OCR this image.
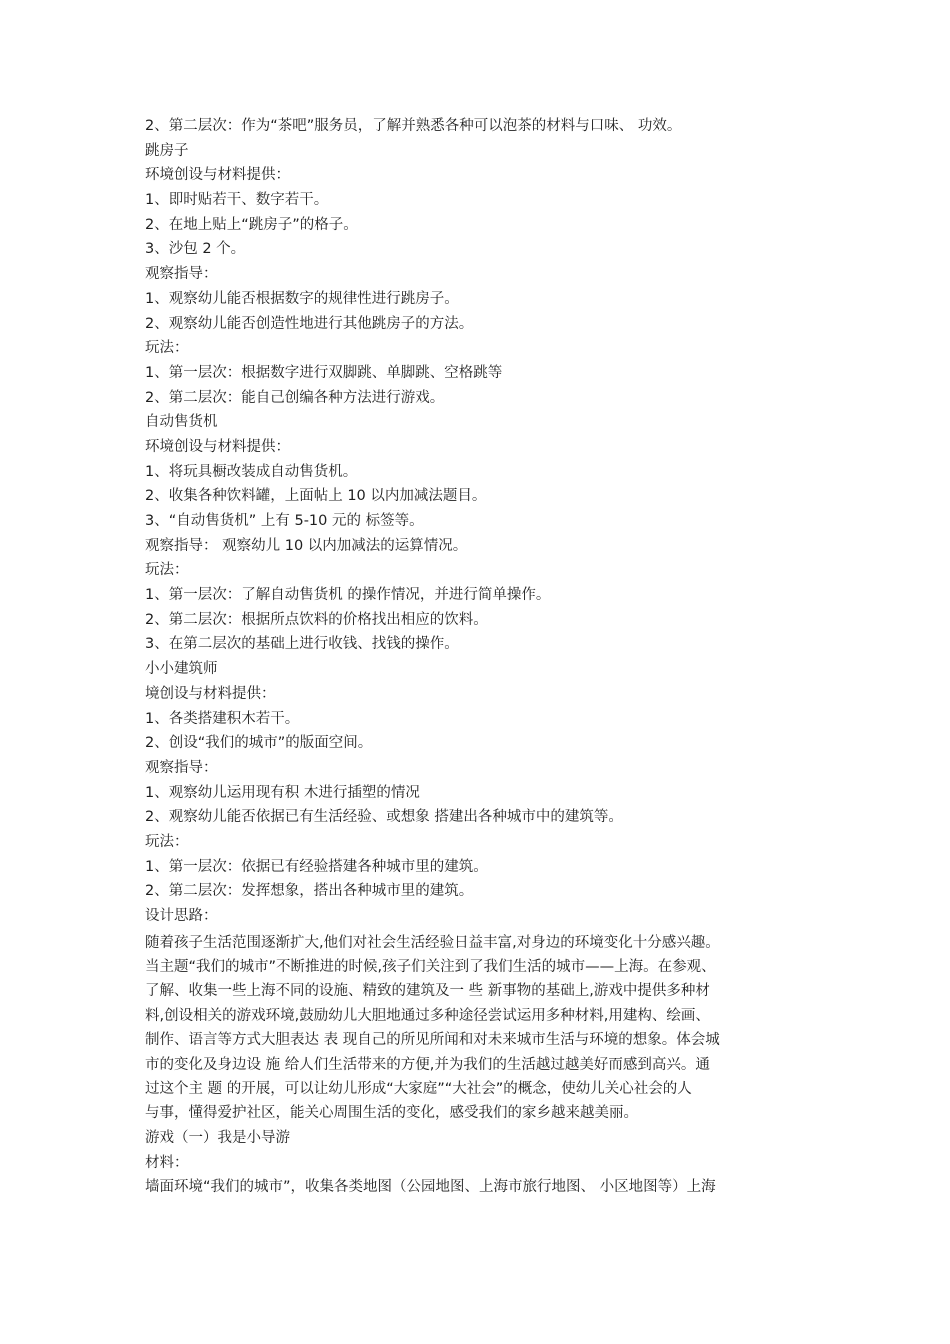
2、第二层次：作为“茶吧”服务员，了解并熟悉各种可以泡茶的材料与口味、 功效。
跳房子
环境创设与材料提供：
1、即时贴若干、数字若干。
2、在地上贴上“跳房子”的格子。
3、沙包 2 个。
观察指导：
1、观察幼儿能否根据数字的规律性进行跳房子。
2、观察幼儿能否创造性地进行其他跳房子的方法。
玩法：
1、第一层次：根据数字进行双脚跳、单脚跳、空格跳等
2、第二层次：能自己创编各种方法进行游戏。
自动售货机
环境创设与材料提供：
1、将玩具橱改装成自动售货机。
2、收集各种饮料罐，上面帖上 10 以内加减法题目。
3、“自动售货机” 上有 5-10 元的 标签等。
观察指导： 观察幼儿 10 以内加减法的运算情况。
玩法：
1、第一层次：了解自动售货机 的操作情况，并进行简单操作。
2、第二层次：根据所点饮料的价格找出相应的饮料。
3、在第二层次的基础上进行收钱、找钱的操作。
小小建筑师
境创设与材料提供：
1、各类搭建积木若干。
2、创设“我们的城市”的版面空间。
观察指导：
1、观察幼儿运用现有积 木进行插塑的情况
2、观察幼儿能否依据已有生活经验、或想象 搭建出各种城市中的建筑等。
玩法：
1、第一层次：依据已有经验搭建各种城市里的建筑。
2、第二层次：发挥想象，搭出各种城市里的建筑。
设计思路：
随着孩子生活范围逐渐扩大,他们对社会生活经验日益丰富,对身边的环境变化十分感兴趣。
当主题“我们的城市”不断推进的时候,孩子们关注到了我们生活的城市——上海。在参观、
了解、收集一些上海不同的设施、精致的建筑及一 些 新事物的基础上,游戏中提供多种材
料,创设相关的游戏环境,鼓励幼儿大胆地通过多种途径尝试运用多种材料,用建构、绘画、
制作、语言等方式大胆表达 表 现自己的所见所闻和对未来城市生活与环境的想象。体会城
市的变化及身边设 施 给人们生活带来的方便,并为我们的生活越过越美好而感到高兴。通
过这个主 题 的开展，可以让幼儿形成“大家庭”“大社会”的概念，使幼儿关心社会的人
与事，懂得爱护社区，能关心周围生活的变化，感受我们的家乡越来越美丽。
游戏（一）我是小导游
材料：
墙面环境“我们的城市”，收集各类地图（公园地图、上海市旅行地图、 小区地图等）上海
